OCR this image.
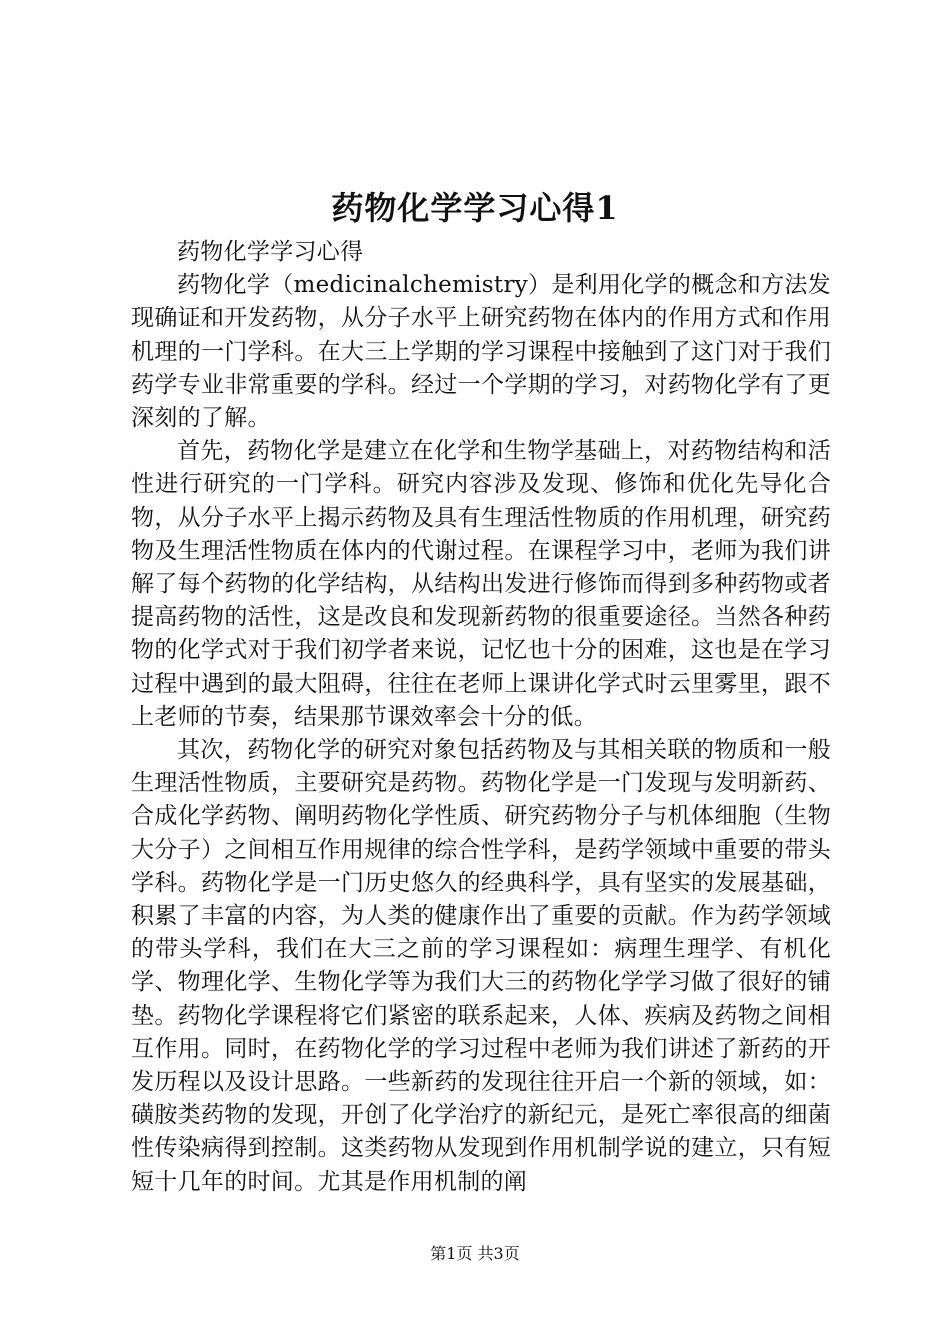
药物化学学习心得1

药物化学学习心得

药物化学（medicinalchemistry）是利用化学的概念和方法发现确证和开发药物，从分子水平上研究药物在体内的作用方式和作用机理的一门学科。在大三上学期的学习课程中接触到了这门对于我们药学专业非常重要的学科。经过一个学期的学习，对药物化学有了更深刻的了解。

首先，药物化学是建立在化学和生物学基础上，对药物结构和活性进行研究的一门学科。研究内容涉及发现、修饰和优化先导化合物，从分子水平上揭示药物及具有生理活性物质的作用机理，研究药物及生理活性物质在体内的代谢过程。在课程学习中，老师为我们讲解了每个药物的化学结构，从结构出发进行修饰而得到多种药物或者提高药物的活性，这是改良和发现新药物的很重要途径。当然各种药物的化学式对于我们初学者来说，记忆也十分的困难，这也是在学习过程中遇到的最大阻碍，往往在老师上课讲化学式时云里雾里，跟不上老师的节奏，结果那节课效率会十分的低。

其次，药物化学的研究对象包括药物及与其相关联的物质和一般生理活性物质，主要研究是药物。药物化学是一门发现与发明新药、合成化学药物、阐明药物化学性质、研究药物分子与机体细胞（生物大分子）之间相互作用规律的综合性学科，是药学领域中重要的带头学科。药物化学是一门历史悠久的经典科学，具有坚实的发展基础，积累了丰富的内容，为人类的健康作出了重要的贡献。作为药学领域的带头学科，我们在大三之前的学习课程如：病理生理学、有机化学、物理化学、生物化学等为我们大三的药物化学学习做了很好的铺垫。药物化学课程将它们紧密的联系起来，人体、疾病及药物之间相互作用。同时，在药物化学的学习过程中老师为我们讲述了新药的开发历程以及设计思路。一些新药的发现往往开启一个新的领域，如：磺胺类药物的发现，开创了化学治疗的新纪元，是死亡率很高的细菌性传染病得到控制。这类药物从发现到作用机制学说的建立，只有短短十几年的时间。尤其是作用机制的阐

第1页 共3页
